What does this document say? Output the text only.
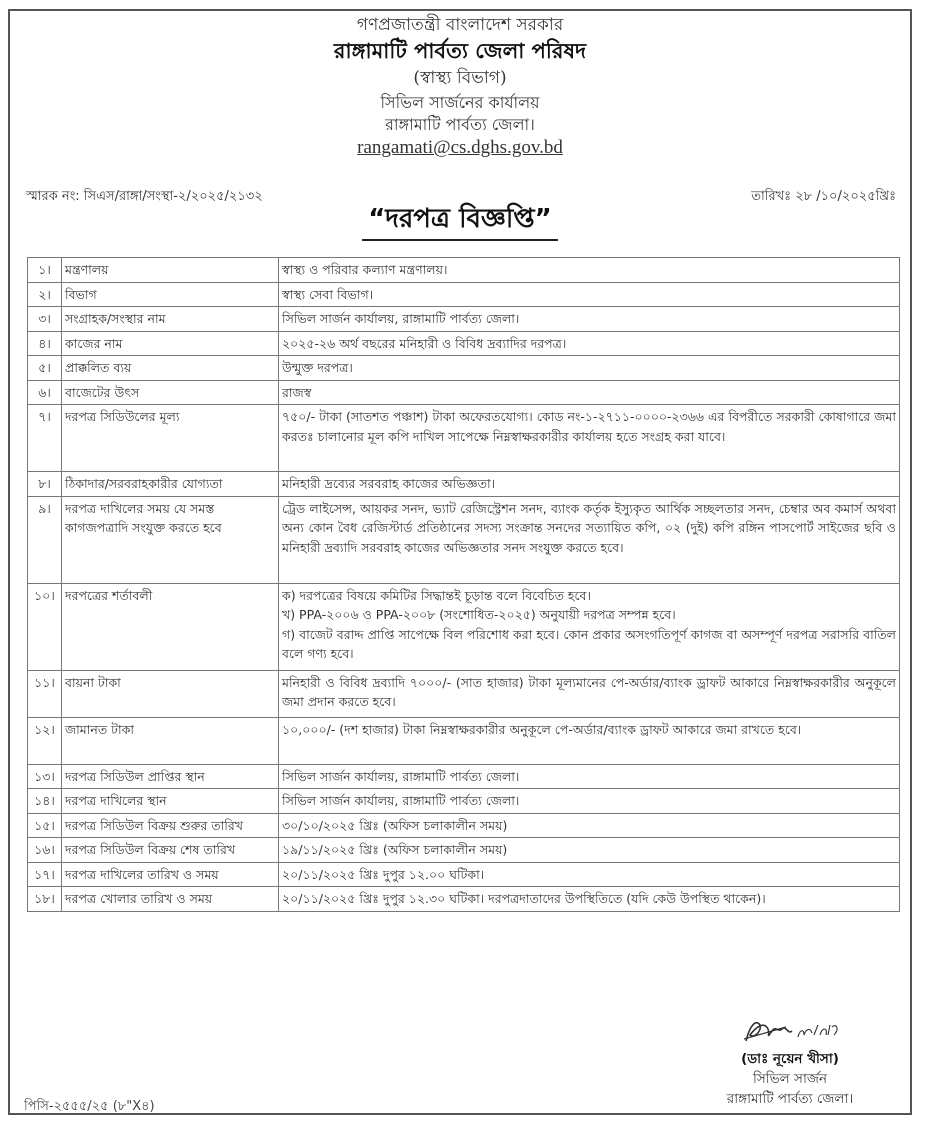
গণপ্রজাতন্ত্রী বাংলাদেশ সরকার
রাঙ্গামাটি পার্বত্য জেলা পরিষদ
(স্বাস্থ্য বিভাগ)
সিভিল সার্জনের কার্যালয়
রাঙ্গামাটি পার্বত্য জেলা।
rangamati@cs.dghs.gov.bd
স্মারক নং: সিএস/রাঙ্গা/সংস্থা-২/২০২৫/২১৩২	তারিখঃ ২৮ /১০/২০২৫খ্রিঃ
“দরপত্র বিজ্ঞপ্তি”
১।	মন্ত্রণালয়	স্বাস্থ্য ও পরিবার কল্যাণ মন্ত্রণালয়।
২।	বিভাগ	স্বাস্থ্য সেবা বিভাগ।
৩।	সংগ্রাহক/সংস্থার নাম	সিভিল সার্জন কার্যালয়, রাঙ্গামাটি পার্বত্য জেলা।
৪।	কাজের নাম	২০২৫-২৬ অর্থ বছরের মনিহারী ও বিবিধ দ্রব্যাদির দরপত্র।
৫।	প্রাক্কলিত ব্যয়	উন্মুক্ত দরপত্র।
৬।	বাজেটের উৎস	রাজস্ব
৭।	দরপত্র সিডিউলের মূল্য	৭৫০/- টাকা (সাতশত পঞ্চাশ) টাকা অফেরতযোগ্য। কোড নং-১-২৭১১-০০০০-২৩৬৬ এর বিপরীতে সরকারী কোষাগারে জমা করতঃ চালানোর মূল কপি দাখিল সাপেক্ষে নিম্নস্বাক্ষরকারীর কার্যালয় হতে সংগ্রহ করা যাবে।
৮।	ঠিকাদার/সরবরাহকারীর যোগ্যতা	মনিহারী দ্রব্যের সরবরাহ কাজের অভিজ্ঞতা।
৯।	দরপত্র দাখিলের সময় যে সমস্ত কাগজপত্রাদি সংযুক্ত করতে হবে	ট্রেড লাইসেন্স, আয়কর সনদ, ভ্যাট রেজিস্ট্রেশন সনদ, ব্যাংক কর্তৃক ইস্যুকৃত আর্থিক সচ্ছলতার সনদ, চেম্বার অব কমার্স অথবা অন্য কোন বৈধ রেজিস্টার্ড প্রতিষ্ঠানের সদস্য সংক্রান্ত সনদের সত্যায়িত কপি, ০২ (দুই) কপি রঙ্গিন পাসপোর্ট সাইজের ছবি ও মনিহারী দ্রব্যাদি সরবরাহ কাজের অভিজ্ঞতার সনদ সংযুক্ত করতে হবে।
১০।	দরপত্রের শর্তাবলী	ক) দরপত্রের বিষয়ে কমিটির সিদ্ধান্তই চূড়ান্ত বলে বিবেচিত হবে।
খ) PPA-২০০৬ ও PPA-২০০৮ (সংশোধিত-২০২৫) অনুযায়ী দরপত্র সম্পন্ন হবে।
গ) বাজেট বরাদ্দ প্রাপ্তি সাপেক্ষে বিল পরিশোধ করা হবে। কোন প্রকার অসংগতিপূর্ণ কাগজ বা অসম্পূর্ণ দরপত্র সরাসরি বাতিল বলে গণ্য হবে।

১১।	বায়না টাকা	মনিহারী ও বিবিধ দ্রব্যাদি ৭০০০/- (সাত হাজার) টাকা মূল্যমানের পে-অর্ডার/ব্যাংক ড্রাফট আকারে নিম্নস্বাক্ষরকারীর অনুকূলে জমা প্রদান করতে হবে।
১২।	জামানত টাকা	১০,০০০/- (দশ হাজার) টাকা নিম্নস্বাক্ষরকারীর অনুকূলে পে-অর্ডার/ব্যাংক ড্রাফট আকারে জমা রাখতে হবে।
১৩।	দরপত্র সিডিউল প্রাপ্তির স্থান	সিভিল সার্জন কার্যালয়, রাঙ্গামাটি পার্বত্য জেলা।
১৪।	দরপত্র দাখিলের স্থান	সিভিল সার্জন কার্যালয়, রাঙ্গামাটি পার্বত্য জেলা।
১৫।	দরপত্র সিডিউল বিক্রয় শুরুর তারিখ	৩০/১০/২০২৫ খ্রিঃ (অফিস চলাকালীন সময়)
১৬।	দরপত্র সিডিউল বিক্রয় শেষ তারিখ	১৯/১১/২০২৫ খ্রিঃ (অফিস চলাকালীন সময়)
১৭।	দরপত্র দাখিলের তারিখ ও সময়	২০/১১/২০২৫ খ্রিঃ দুপুর ১২.০০ ঘটিকা।
১৮।	দরপত্র খোলার তারিখ ও সময়	২০/১১/২০২৫ খ্রিঃ দুপুর ১২.৩০ ঘটিকা। দরপত্রদাতাদের উপস্থিতিতে (যদি কেউ উপস্থিত থাকেন)।
(ডাঃ নূয়েন খীসা)
সিভিল সার্জন
রাঙ্গামাটি পার্বত্য জেলা।
পিসি-২৫৫৫/২৫ (৮"X৪)
